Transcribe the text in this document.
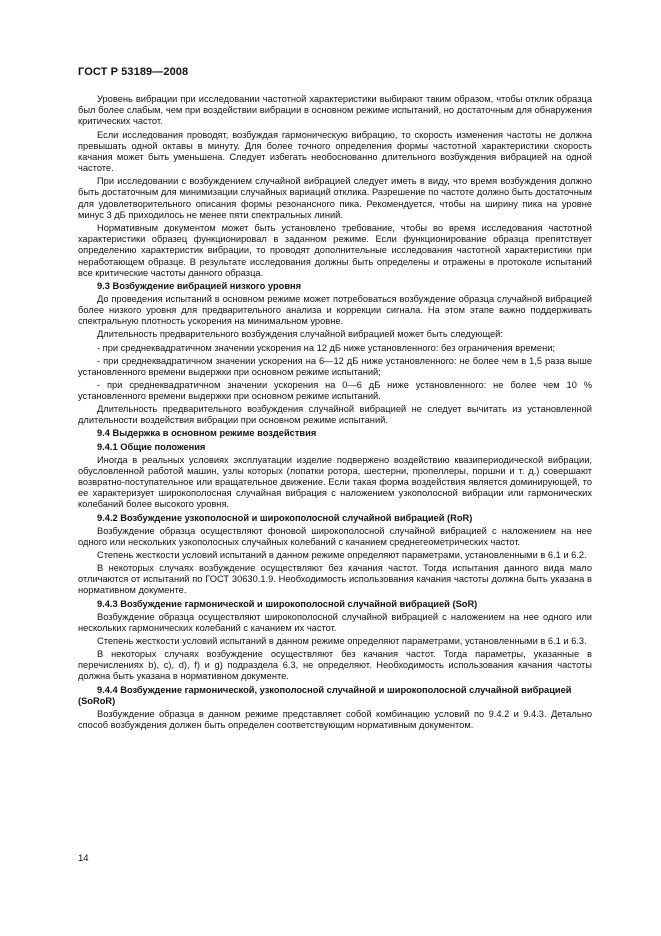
ГОСТ Р 53189—2008

Уровень вибрации при исследовании частотной характеристики выбирают таким образом, чтобы отклик образца был более слабым, чем при воздействии вибрации в основном режиме испытаний, но достаточным для обнаружения критических частот.

Если исследования проводят, возбуждая гармоническую вибрацию, то скорость изменения частоты не должна превышать одной октавы в минуту. Для более точного определения формы частотной характеристики скорость качания может быть уменьшена. Следует избегать необоснованно длительного возбуждения вибрацией на одной частоте.

При исследовании с возбуждением случайной вибрацией следует иметь в виду, что время возбуждения должно быть достаточным для минимизации случайных вариаций отклика. Разрешение по частоте должно быть достаточным для удовлетворительного описания формы резонансного пика. Рекомендуется, чтобы на ширину пика на уровне минус 3 дБ приходилось не менее пяти спектральных линий.

Нормативным документом может быть установлено требование, чтобы во время исследования частотной характеристики образец функционировал в заданном режиме. Если функционирование образца препятствует определению характеристик вибрации, то проводят дополнительные исследования частотной характеристики при неработающем образце. В результате исследования должны быть определены и отражены в протоколе испытаний все критические частоты данного образца.

9.3 Возбуждение вибрацией низкого уровня

До проведения испытаний в основном режиме может потребоваться возбуждение образца случайной вибрацией более низкого уровня для предварительного анализа и коррекции сигнала. На этом этапе важно поддерживать спектральную плотность ускорения на минимальном уровне.

Длительность предварительного возбуждения случайной вибрацией может быть следующей:

- при среднеквадратичном значении ускорения на 12 дБ ниже установленного: без ограничения времени;

- при среднеквадратичном значении ускорения на 6—12 дБ ниже установленного: не более чем в 1,5 раза выше установленного времени выдержки при основном режиме испытаний;

- при среднеквадратичном значении ускорения на 0—6 дБ ниже установленного: не более чем 10 % установленного времени выдержки при основном режиме испытаний.

Длительность предварительного возбуждения случайной вибрацией не следует вычитать из установленной длительности воздействия вибрации при основном режиме испытаний.

9.4 Выдержка в основном режиме воздействия

9.4.1 Общие положения

Иногда в реальных условиях эксплуатации изделие подвержено воздействию квазипериодической вибрации, обусловленной работой машин, узлы которых (лопатки ротора, шестерни, пропеллеры, поршни и т. д.) совершают возвратно-поступательное или вращательное движение. Если такая форма воздействия является доминирующей, то ее характеризует широкополосная случайная вибрация с наложением узкополосной вибрации или гармонических колебаний более высокого уровня.

9.4.2 Возбуждение узкополосной и широкополосной случайной вибрацией (RoR)

Возбуждение образца осуществляют фоновой широкополосной случайной вибрацией с наложением на нее одного или нескольких узкополосных случайных колебаний с качанием среднегеометрических частот.

Степень жесткости условий испытаний в данном режиме определяют параметрами, установленными в 6.1 и 6.2.

В некоторых случаях возбуждение осуществляют без качания частот. Тогда испытания данного вида мало отличаются от испытаний по ГОСТ 30630.1.9. Необходимость использования качания частоты должна быть указана в нормативном документе.

9.4.3 Возбуждение гармонической и широкополосной случайной вибрацией (SoR)

Возбуждение образца осуществляют широкополосной случайной вибрацией с наложением на нее одного или нескольких гармонических колебаний с качанием их частот.

Степень жесткости условий испытаний в данном режиме определяют параметрами, установленными в 6.1 и 6.3.

В некоторых случаях возбуждение осуществляют без качания частот. Тогда параметры, указанные в перечислениях b), c), d), f) и g) подраздела 6.3, не определяют. Необходимость использования качания частоты должна быть указана в нормативном документе.

9.4.4 Возбуждение гармонической, узкополосной случайной и широкополосной случайной вибрацией (SoRoR)

Возбуждение образца в данном режиме представляет собой комбинацию условий по 9.4.2 и 9.4.3. Детально способ возбуждения должен быть определен соответствующим нормативным документом.

14
